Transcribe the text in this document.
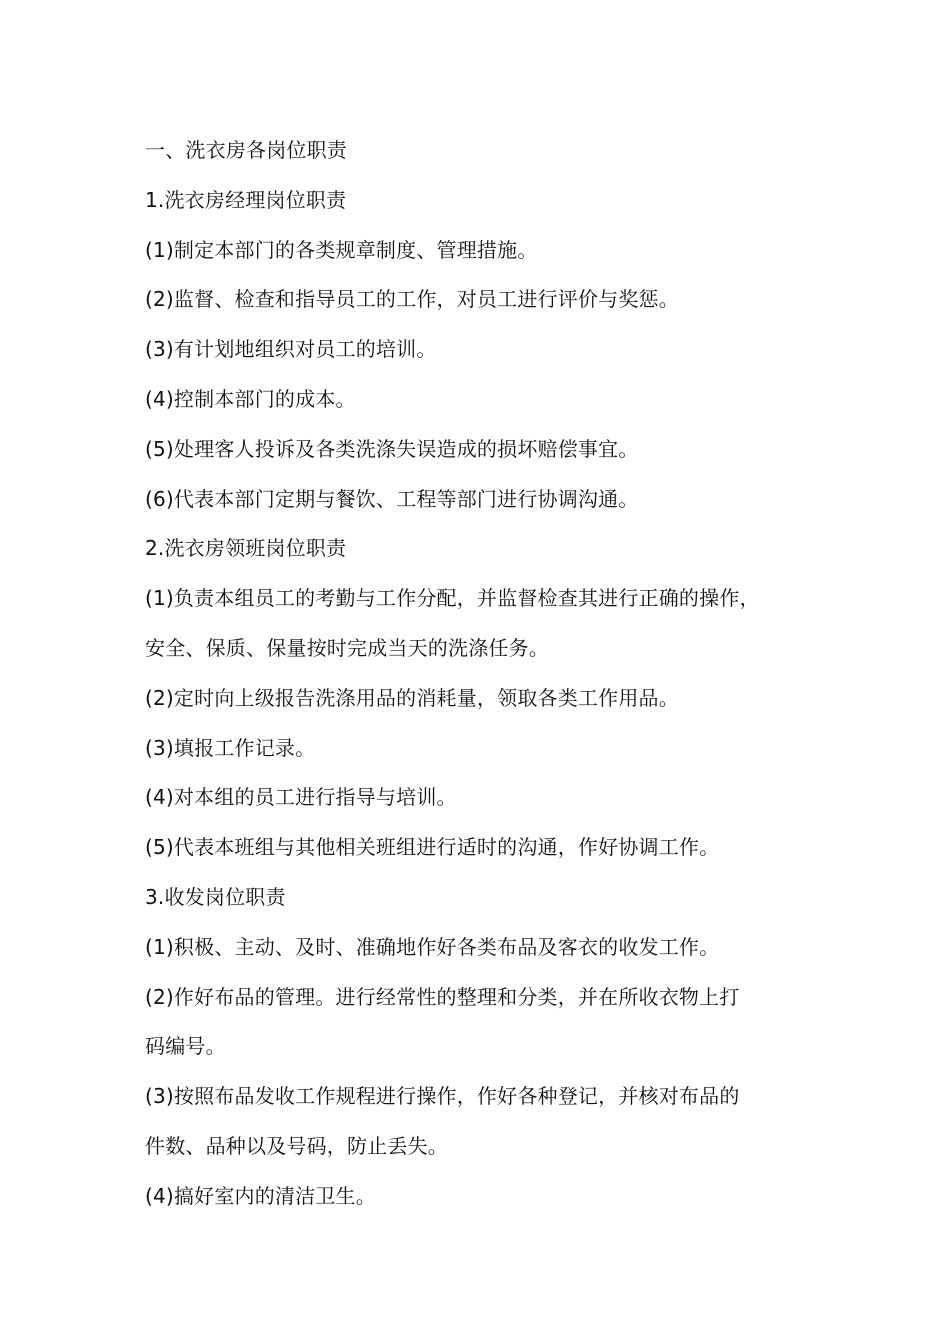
一、洗衣房各岗位职责
1.洗衣房经理岗位职责
(1)制定本部门的各类规章制度、管理措施。
(2)监督、检查和指导员工的工作，对员工进行评价与奖惩。
(3)有计划地组织对员工的培训。
(4)控制本部门的成本。
(5)处理客人投诉及各类洗涤失误造成的损坏赔偿事宜。
(6)代表本部门定期与餐饮、工程等部门进行协调沟通。
2.洗衣房领班岗位职责
(1)负责本组员工的考勤与工作分配，并监督检查其进行正确的操作，
安全、保质、保量按时完成当天的洗涤任务。
(2)定时向上级报告洗涤用品的消耗量，领取各类工作用品。
(3)填报工作记录。
(4)对本组的员工进行指导与培训。
(5)代表本班组与其他相关班组进行适时的沟通，作好协调工作。
3.收发岗位职责
(1)积极、主动、及时、准确地作好各类布品及客衣的收发工作。
(2)作好布品的管理。进行经常性的整理和分类，并在所收衣物上打
码编号。
(3)按照布品发收工作规程进行操作，作好各种登记，并核对布品的
件数、品种以及号码，防止丢失。
(4)搞好室内的清洁卫生。
